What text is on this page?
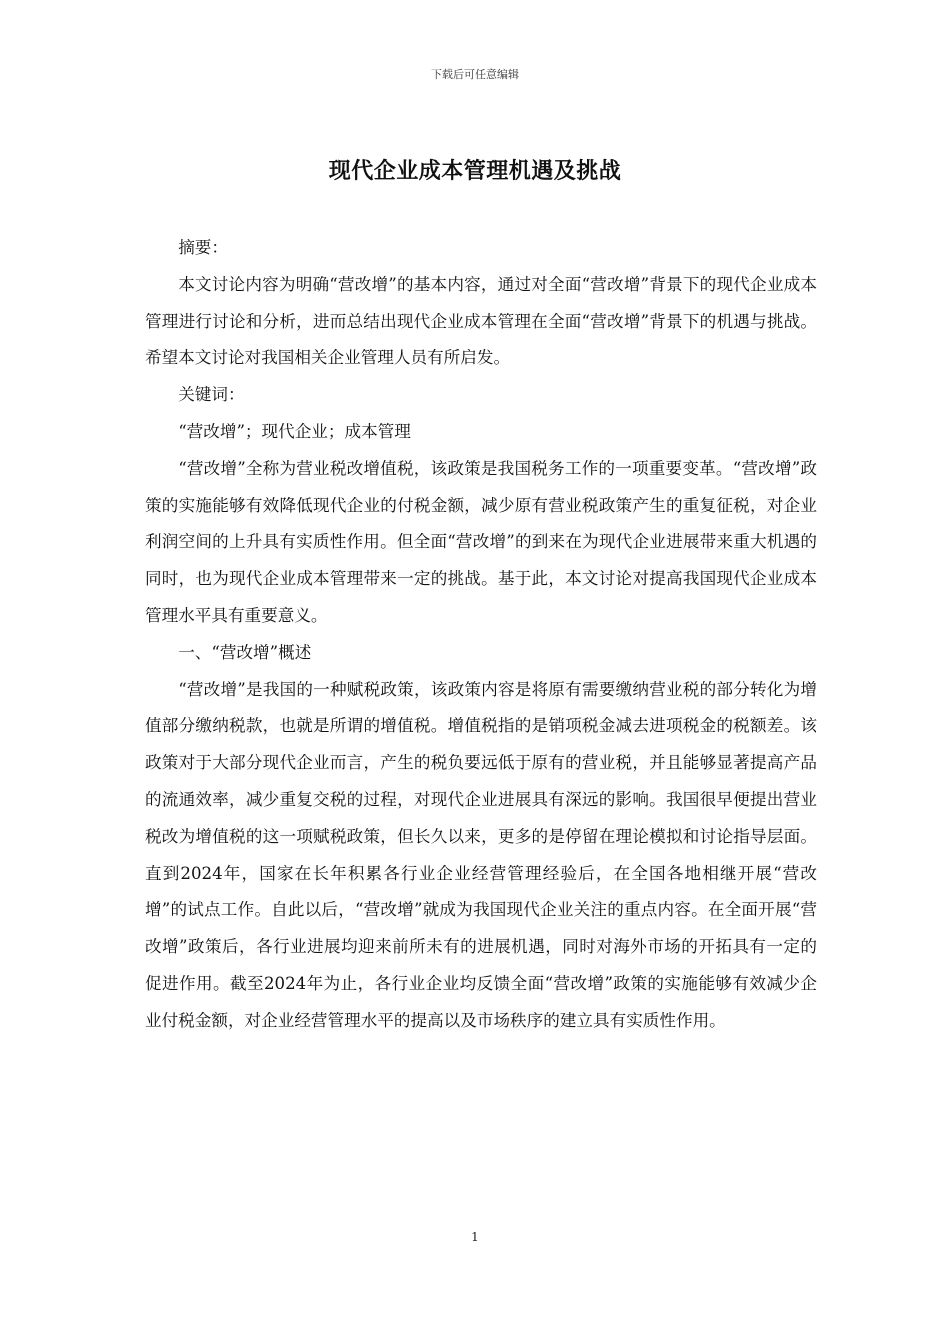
下载后可任意编辑
现代企业成本管理机遇及挑战

摘要：

本文讨论内容为明确“营改增”的基本内容，通过对全面“营改增”背景下的现代企业成本管理进行讨论和分析，进而总结出现代企业成本管理在全面“营改增”背景下的机遇与挑战。希望本文讨论对我国相关企业管理人员有所启发。

关键词：

“营改增”；现代企业；成本管理

“营改增”全称为营业税改增值税，该政策是我国税务工作的一项重要变革。“营改增”政策的实施能够有效降低现代企业的付税金额，减少原有营业税政策产生的重复征税，对企业利润空间的上升具有实质性作用。但全面“营改增”的到来在为现代企业进展带来重大机遇的同时，也为现代企业成本管理带来一定的挑战。基于此，本文讨论对提高我国现代企业成本管理水平具有重要意义。

一、“营改增”概述

“营改增”是我国的一种赋税政策，该政策内容是将原有需要缴纳营业税的部分转化为增值部分缴纳税款，也就是所谓的增值税。增值税指的是销项税金减去进项税金的税额差。该政策对于大部分现代企业而言，产生的税负要远低于原有的营业税，并且能够显著提高产品的流通效率，减少重复交税的过程，对现代企业进展具有深远的影响。我国很早便提出营业税改为增值税的这一项赋税政策，但长久以来，更多的是停留在理论模拟和讨论指导层面。直到2024年，国家在长年积累各行业企业经营管理经验后，在全国各地相继开展“营改增”的试点工作。自此以后，“营改增”就成为我国现代企业关注的重点内容。在全面开展“营改增”政策后，各行业进展均迎来前所未有的进展机遇，同时对海外市场的开拓具有一定的促进作用。截至2024年为止，各行业企业均反馈全面“营改增”政策的实施能够有效减少企业付税金额，对企业经营管理水平的提高以及市场秩序的建立具有实质性作用。

1
